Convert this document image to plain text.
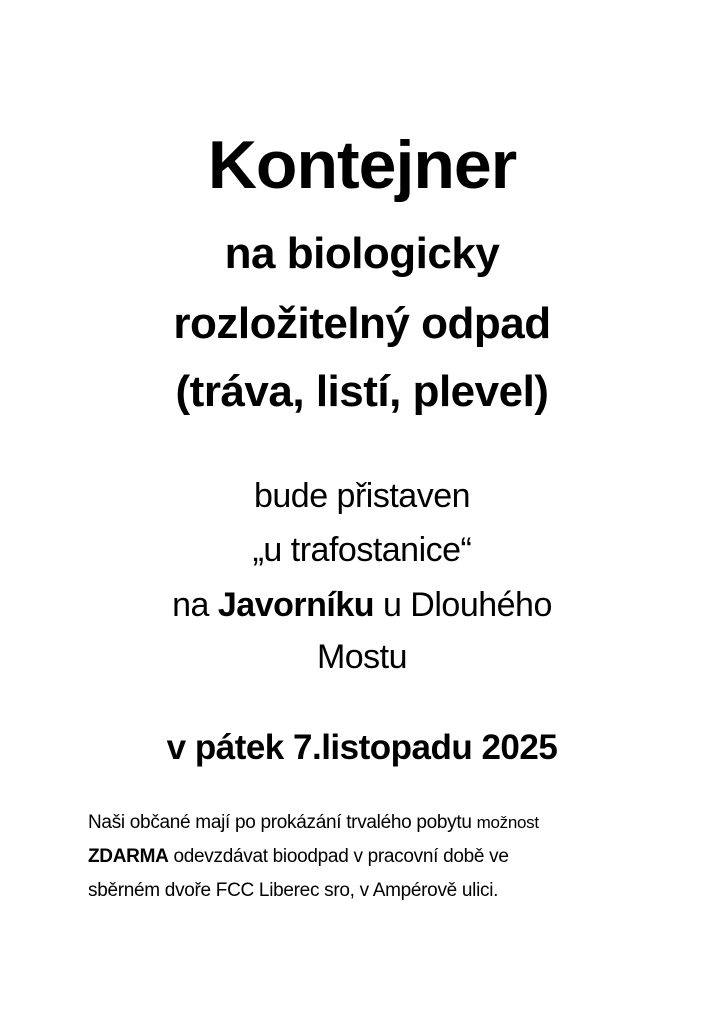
Kontejner
na biologicky
rozložitelný odpad
(tráva, listí, plevel)
bude přistaven
„u trafostanice“
na Javorníku u Dlouhého
Mostu
v pátek 7.listopadu 2025
Naši občané mají po prokázání trvalého pobytu možnost
ZDARMA odevzdávat bioodpad v pracovní době ve
sběrném dvoře FCC Liberec sro, v Ampérově ulici.
